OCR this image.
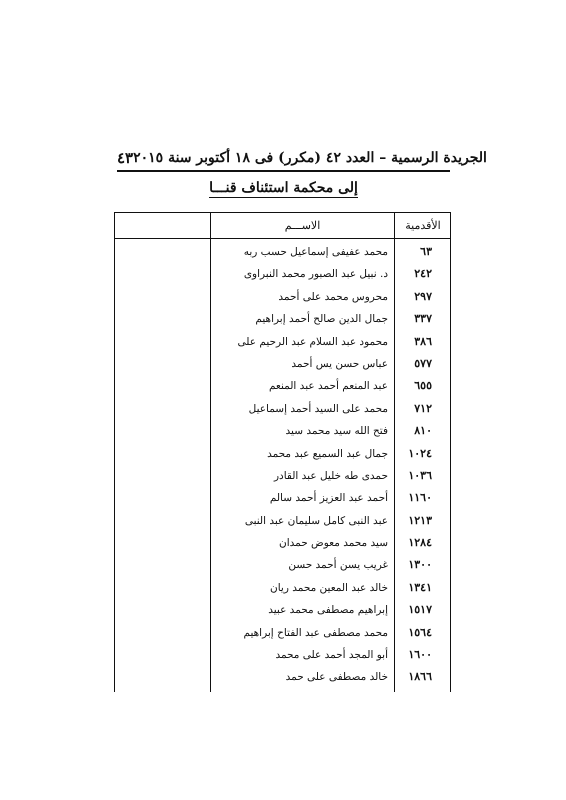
٤٣ الجريدة الرسمية – العدد ٤٢ (مكرر) فى ١٨ أكتوبر سنة ٢٠١٥
إلى محكمة استئناف قنـــا
الأقدمية
الاســـم
٦٣
محمد عفيفى إسماعيل حسب ربه
٢٤٢
د. نبيل عبد الصبور محمد النبراوى
٢٩٧
محروس محمد على أحمد
٣٣٧
جمال الدين صالح أحمد إبراهيم
٣٨٦
محمود عبد السلام عبد الرحيم على
٥٧٧
عباس حسن يس أحمد
٦٥٥
عبد المنعم أحمد عبد المنعم
٧١٢
محمد على السيد أحمد إسماعيل
٨١٠
فتح الله سيد محمد سيد
١٠٢٤
جمال عبد السميع عبد محمد
١٠٣٦
حمدى طه خليل عبد القادر
١١٦٠
أحمد عبد العزيز أحمد سالم
١٢١٣
عبد النبى كامل سليمان عبد النبى
١٢٨٤
سيد محمد معوض حمدان
١٣٠٠
غريب يسن أحمد حسن
١٣٤١
خالد عبد المعين محمد ريان
١٥١٧
إبراهيم مصطفى محمد عبيد
١٥٦٤
محمد مصطفى عبد الفتاح إبراهيم
١٦٠٠
أبو المجد أحمد على محمد
١٨٦٦
خالد مصطفى على حمد
